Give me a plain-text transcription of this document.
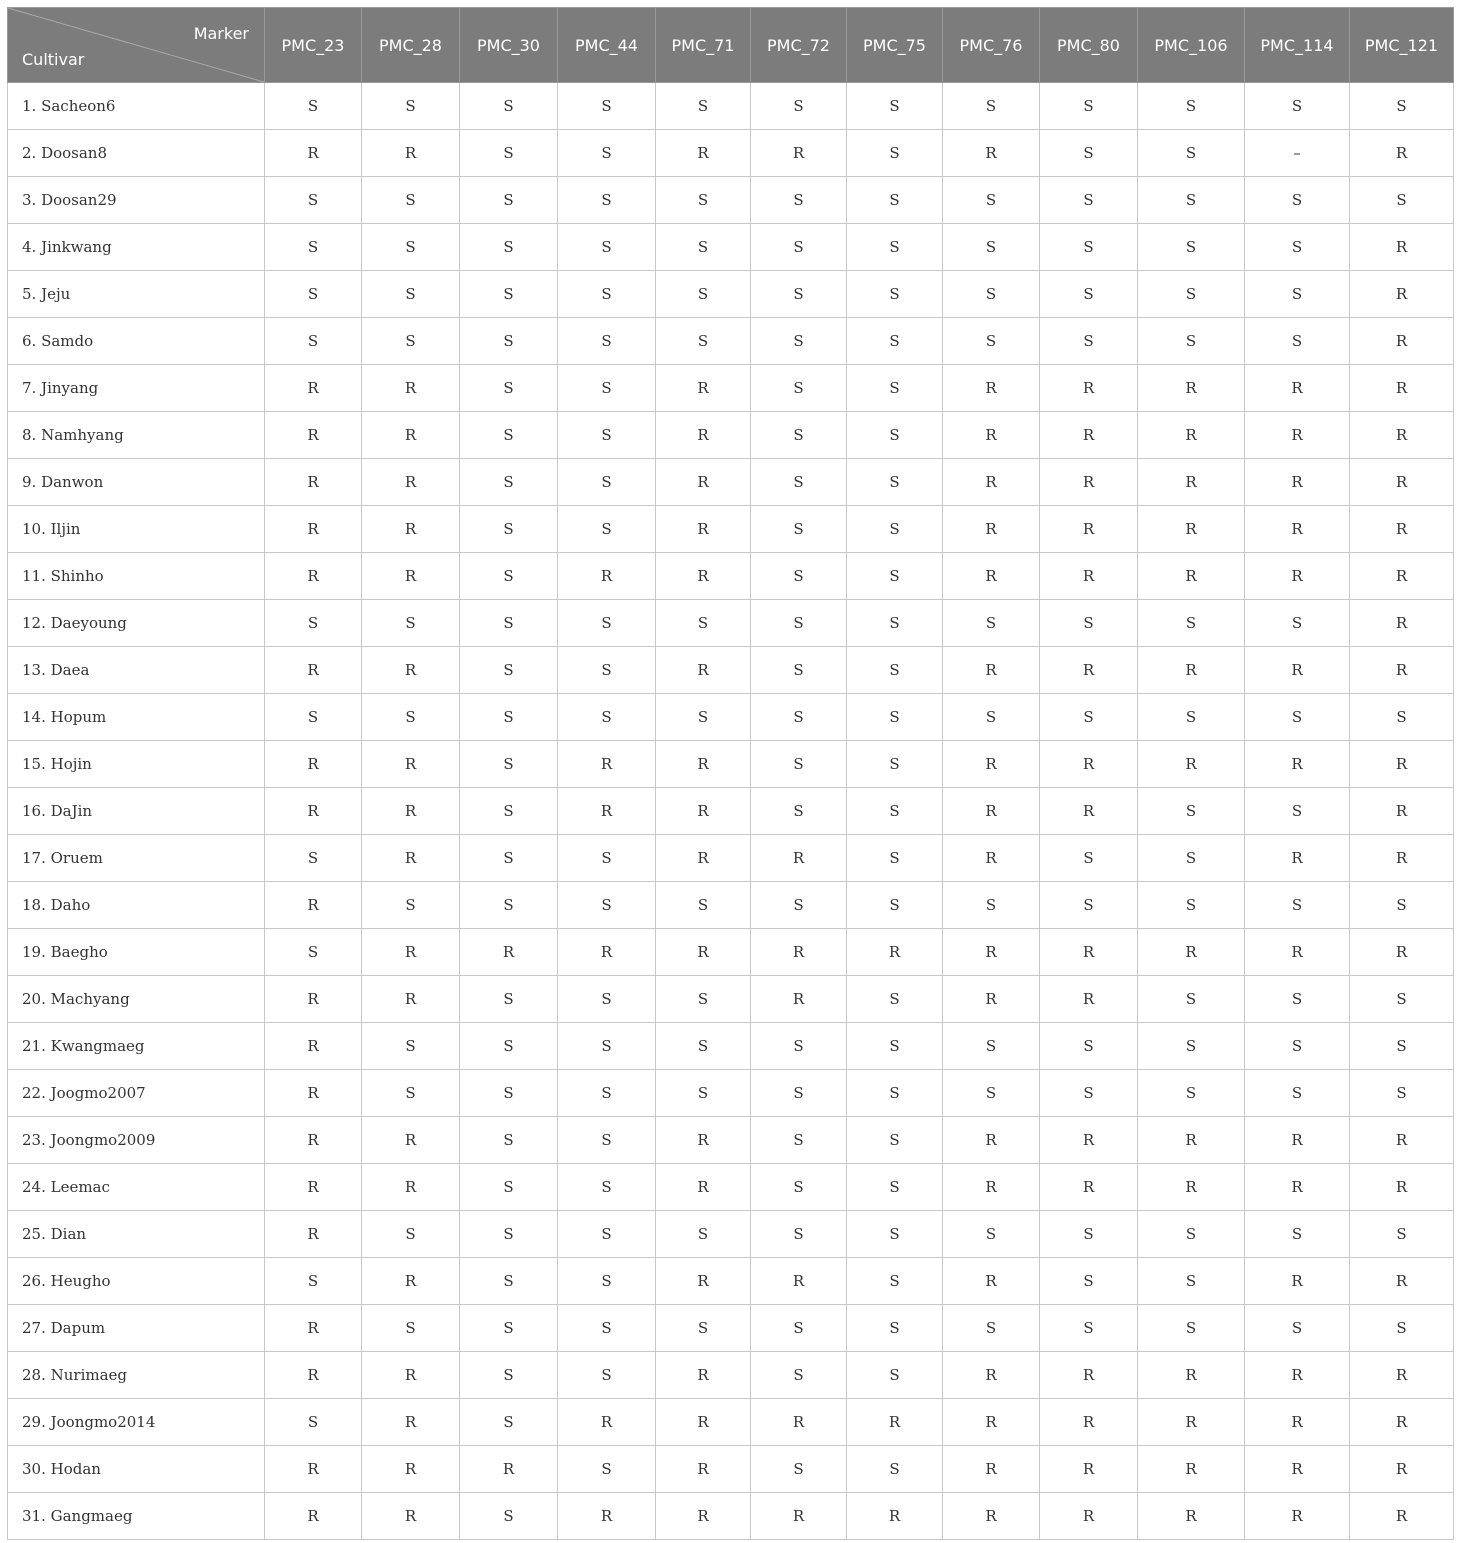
Marker
Cultivar	PMC_23	PMC_28	PMC_30	PMC_44	PMC_71	PMC_72	PMC_75	PMC_76	PMC_80	PMC_106	PMC_114	PMC_121
1. Sacheon6	S	S	S	S	S	S	S	S	S	S	S	S
2. Doosan8	R	R	S	S	R	R	S	R	S	S	–	R
3. Doosan29	S	S	S	S	S	S	S	S	S	S	S	S
4. Jinkwang	S	S	S	S	S	S	S	S	S	S	S	R
5. Jeju	S	S	S	S	S	S	S	S	S	S	S	R
6. Samdo	S	S	S	S	S	S	S	S	S	S	S	R
7. Jinyang	R	R	S	S	R	S	S	R	R	R	R	R
8. Namhyang	R	R	S	S	R	S	S	R	R	R	R	R
9. Danwon	R	R	S	S	R	S	S	R	R	R	R	R
10. Iljin	R	R	S	S	R	S	S	R	R	R	R	R
11. Shinho	R	R	S	R	R	S	S	R	R	R	R	R
12. Daeyoung	S	S	S	S	S	S	S	S	S	S	S	R
13. Daea	R	R	S	S	R	S	S	R	R	R	R	R
14. Hopum	S	S	S	S	S	S	S	S	S	S	S	S
15. Hojin	R	R	S	R	R	S	S	R	R	R	R	R
16. DaJin	R	R	S	R	R	S	S	R	R	S	S	R
17. Oruem	S	R	S	S	R	R	S	R	S	S	R	R
18. Daho	R	S	S	S	S	S	S	S	S	S	S	S
19. Baegho	S	R	R	R	R	R	R	R	R	R	R	R
20. Machyang	R	R	S	S	S	R	S	R	R	S	S	S
21. Kwangmaeg	R	S	S	S	S	S	S	S	S	S	S	S
22. Joogmo2007	R	S	S	S	S	S	S	S	S	S	S	S
23. Joongmo2009	R	R	S	S	R	S	S	R	R	R	R	R
24. Leemac	R	R	S	S	R	S	S	R	R	R	R	R
25. Dian	R	S	S	S	S	S	S	S	S	S	S	S
26. Heugho	S	R	S	S	R	R	S	R	S	S	R	R
27. Dapum	R	S	S	S	S	S	S	S	S	S	S	S
28. Nurimaeg	R	R	S	S	R	S	S	R	R	R	R	R
29. Joongmo2014	S	R	S	R	R	R	R	R	R	R	R	R
30. Hodan	R	R	R	S	R	S	S	R	R	R	R	R
31. Gangmaeg	R	R	S	R	R	R	R	R	R	R	R	R
